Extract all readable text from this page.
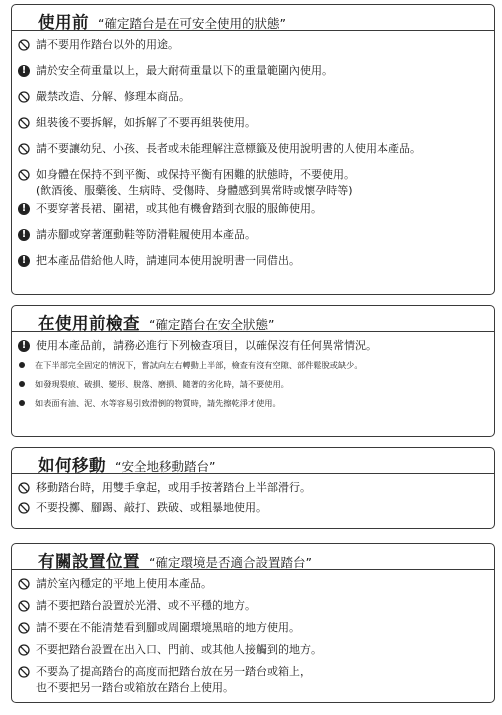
使用前 “確定踏台是在可安全使用的狀態”
請不要用作踏台以外的用途。
! 請於安全荷重量以上，最大耐荷重量以下的重量範圍內使用。
嚴禁改造、分解、修理本商品。
組裝後不要拆解，如拆解了不要再組裝使用。
請不要讓幼兒、小孩、長者或未能理解注意標籤及使用說明書的人使用本產品。
如身體在保持不到平衡、或保持平衡有困難的狀態時，不要使用。
(飲酒後、服藥後、生病時、受傷時、身體感到異常時或懷孕時等)
! 不要穿著長裙、圍裙，或其他有機會踏到衣服的服飾使用。
! 請赤腳或穿著運動鞋等防滑鞋履使用本產品。
! 把本產品借給他人時，請連同本使用說明書一同借出。
在使用前檢查 “確定踏台在安全狀態”
! 使用本產品前，請務必進行下列檢查項目，以確保沒有任何異常情況。
在下半部完全固定的情況下，嘗試向左右轉動上半部，檢查有沒有空隙、部件鬆脫或缺少。
如發現裂痕、破損、變形、脫落、磨損、隨著的劣化時，請不要使用。
如表面有油、泥、水等容易引致滑倒的物質時，請先擦乾淨才使用。
如何移動 “安全地移動踏台”
移動踏台時，用雙手拿起，或用手按著踏台上半部滑行。
不要投擲、腳踢、敲打、跌破、或粗暴地使用。
有關設置位置 “確定環境是否適合設置踏台”
請於室內穩定的平地上使用本產品。
請不要把踏台設置於光滑、或不平穩的地方。
請不要在不能清楚看到腳或周圍環境黑暗的地方使用。
不要把踏台設置在出入口、門前、或其他人接觸到的地方。
不要為了提高踏台的高度而把踏台放在另一踏台或箱上，
也不要把另一踏台或箱放在踏台上使用。
